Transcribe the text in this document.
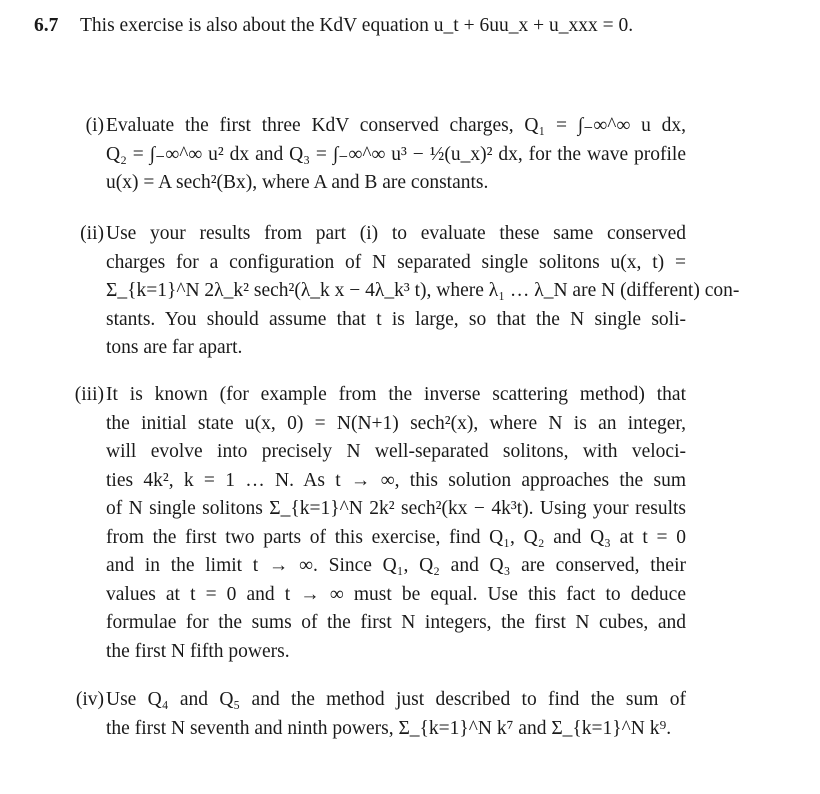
6.7 This exercise is also about the KdV equation u_t + 6uu_x + u_xxx = 0.
(i) Evaluate the first three KdV conserved charges, Q₁ = ∫₋∞^∞ u dx,
Q₂ = ∫₋∞^∞ u² dx and Q₃ = ∫₋∞^∞ u³ − ½(u_x)² dx, for the wave profile
u(x) = A sech²(Bx), where A and B are constants.
(ii) Use your results from part (i) to evaluate these same conserved
charges for a configuration of N separated single solitons u(x, t) =
Σ_{k=1}^N 2λ_k² sech²(λ_k x − 4λ_k³ t), where λ₁ … λ_N are N (different) con-
stants. You should assume that t is large, so that the N single soli-
tons are far apart.
(iii) It is known (for example from the inverse scattering method) that
the initial state u(x, 0) = N(N+1) sech²(x), where N is an integer,
will evolve into precisely N well-separated solitons, with veloci-
ties 4k², k = 1 … N. As t → ∞, this solution approaches the sum
of N single solitons Σ_{k=1}^N 2k² sech²(kx − 4k³t). Using your results
from the first two parts of this exercise, find Q₁, Q₂ and Q₃ at t = 0
and in the limit t → ∞. Since Q₁, Q₂ and Q₃ are conserved, their
values at t = 0 and t → ∞ must be equal. Use this fact to deduce
formulae for the sums of the first N integers, the first N cubes, and
the first N fifth powers.
(iv) Use Q₄ and Q₅ and the method just described to find the sum of
the first N seventh and ninth powers, Σ_{k=1}^N k⁷ and Σ_{k=1}^N k⁹.
